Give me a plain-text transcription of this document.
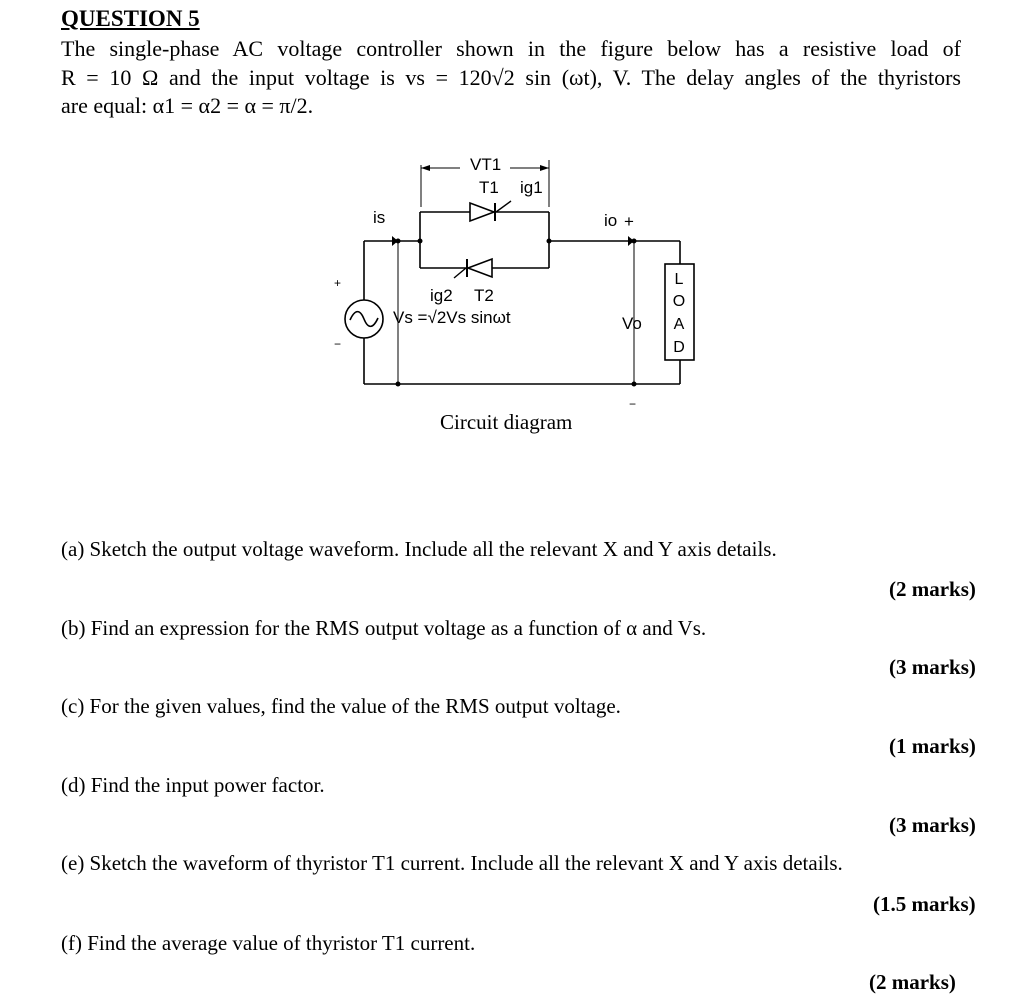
QUESTION 5
The single-phase AC voltage controller shown in the figure below has a resistive load of
R = 10 Ω and the input voltage is vs = 120√2 sin (ωt), V. The delay angles of the thyristors
are equal: α1 = α2 = α = π/2.
VT1
T1 ig1
ig2 T2
is	io +
−
+
−
Vs =√2Vs sinωt	Vo
L
O
A
D
Circuit diagram
(a) Sketch the output voltage waveform. Include all the relevant X and Y axis details.
(2 marks)
(b) Find an expression for the RMS output voltage as a function of α and Vs.
(3 marks)
(c) For the given values, find the value of the RMS output voltage.
(1 marks)
(d) Find the input power factor.
(3 marks)
(e) Sketch the waveform of thyristor T1 current. Include all the relevant X and Y axis details.
(1.5 marks)
(f) Find the average value of thyristor T1 current.
(2 marks)
